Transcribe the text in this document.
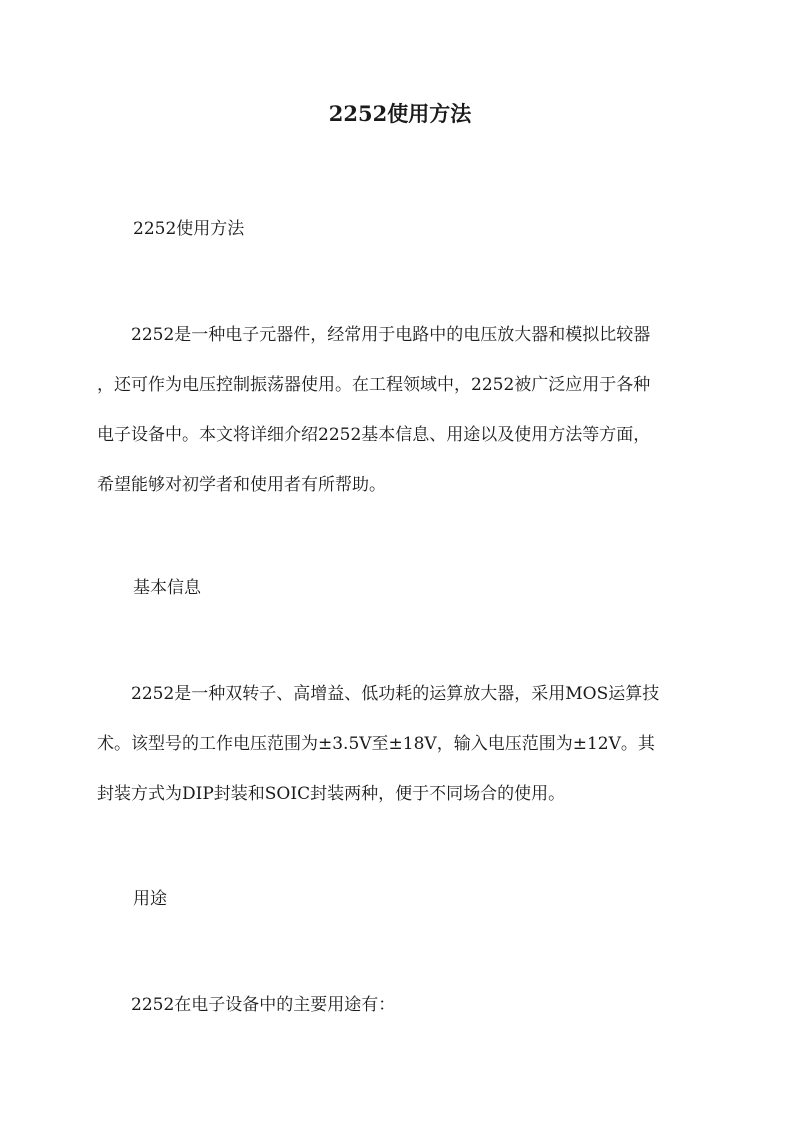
2252使用方法
2252使用方法
　　2252是一种电子元器件，经常用于电路中的电压放大器和模拟比较器
，还可作为电压控制振荡器使用。在工程领域中，2252被广泛应用于各种
电子设备中。本文将详细介绍2252基本信息、用途以及使用方法等方面，
希望能够对初学者和使用者有所帮助。
基本信息
　　2252是一种双转子、高增益、低功耗的运算放大器，采用MOS运算技
术。该型号的工作电压范围为±3.5V至±18V，输入电压范围为±12V。其
封装方式为DIP封装和SOIC封装两种，便于不同场合的使用。
用途
　　2252在电子设备中的主要用途有：
